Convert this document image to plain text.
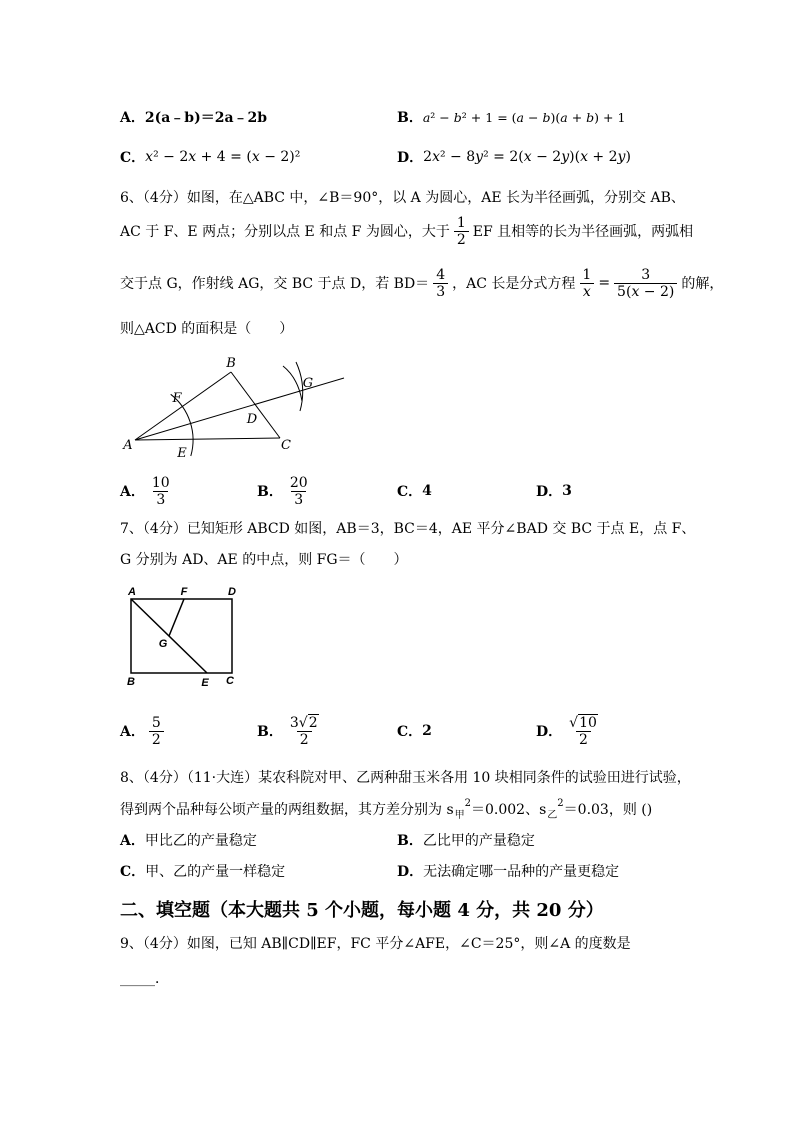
A． 2(a﹣b)＝2a﹣2b	B． a² − b² + 1 = (a − b)(a + b) + 1
C． x² − 2x + 4 = (x − 2)²	D． 2x² − 8y² = 2(x − 2y)(x + 2y)
6、（4分）如图，在△ABC 中，∠B＝90°，以 A 为圆心，AE 长为半径画弧，分别交 AB、
AC 于 F、E 两点；分别以点 E 和点 F 为圆心，大于 $\frac{1}{2}$ EF 且相等的长为半径画弧，两弧相
交于点 G，作射线 AG，交 BC 于点 D，若 $BD= \frac{4}{3}$ ，AC 长是分式方程 $\frac{1}{x} = \frac{3}{5(x - 2)}$ 的解，
则△ACD 的面积是（　　）
A
B
C
D
E
F
G
A． $\frac{10}{3}$	B． $\frac{20}{3}$	C． 4	D． 3
7、（4分）已知矩形 ABCD 如图，AB＝3，BC＝4，AE 平分∠BAD 交 BC 于点 E，点 F、
G 分别为 AD、AE 的中点，则 FG＝（　　）
A	F	D
G
B	E C
A． $\frac{5}{2}$	B． $\frac{3√2}{2}$	C． 2	D． $\frac{√10}{2}$
8、（4分）（11·大连）某农科院对甲、乙两种甜玉米各用 10 块相同条件的试验田进行试验，
得到两个品种每公顷产量的两组数据，其方差分别为 s 甲
2 ＝0.002、s 乙
2 ＝0.03，则 ()
A． 甲比乙的产量稳定	B． 乙比甲的产量稳定
C． 甲、乙的产量一样稳定	D． 无法确定哪一品种的产量更稳定
二、填空题（本大题共 5 个小题，每小题 4 分，共 20 分）
9、（4分）如图，已知 AB∥CD∥EF，FC 平分∠AFE，∠C＝25°，则∠A 的度数是
_____．
